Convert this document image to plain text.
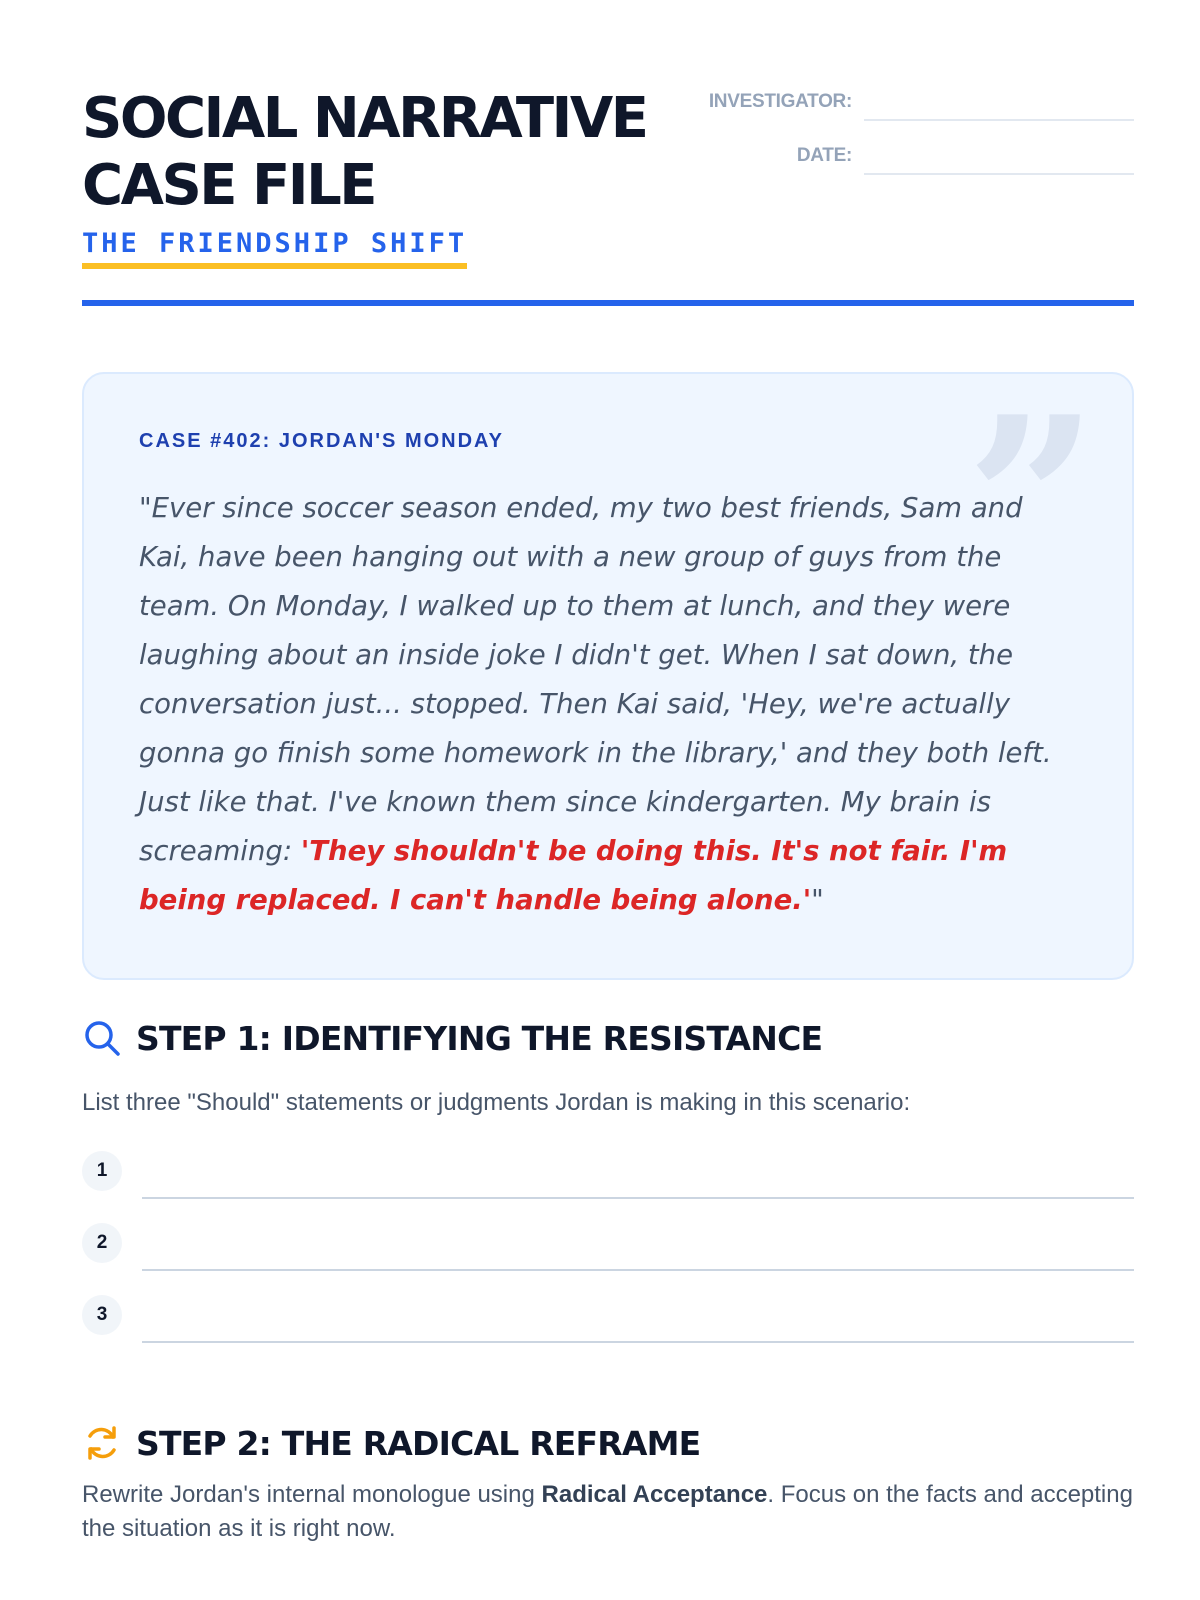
SOCIAL NARRATIVE
CASE FILE
THE FRIENDSHIP SHIFT
INVESTIGATOR:
DATE:
CASE #402: JORDAN'S MONDAY ”
"Ever since soccer season ended, my two best friends, Sam and Kai, have been hanging out with a new group of guys from the team. On Monday, I walked up to them at lunch, and they were laughing about an inside joke I didn't get. When I sat down, the conversation just... stopped. Then Kai said, 'Hey, we're actually gonna go finish some homework in the library,' and they both left. Just like that. I've known them since kindergarten. My brain is screaming: 'They shouldn't be doing this. It's not fair. I'm being replaced. I can't handle being alone.'"
STEP 1: IDENTIFYING THE RESISTANCE
List three "Should" statements or judgments Jordan is making in this scenario:
1
2
3
STEP 2: THE RADICAL REFRAME
Rewrite Jordan's internal monologue using Radical Acceptance. Focus on the facts and accepting the situation as it is right now.
